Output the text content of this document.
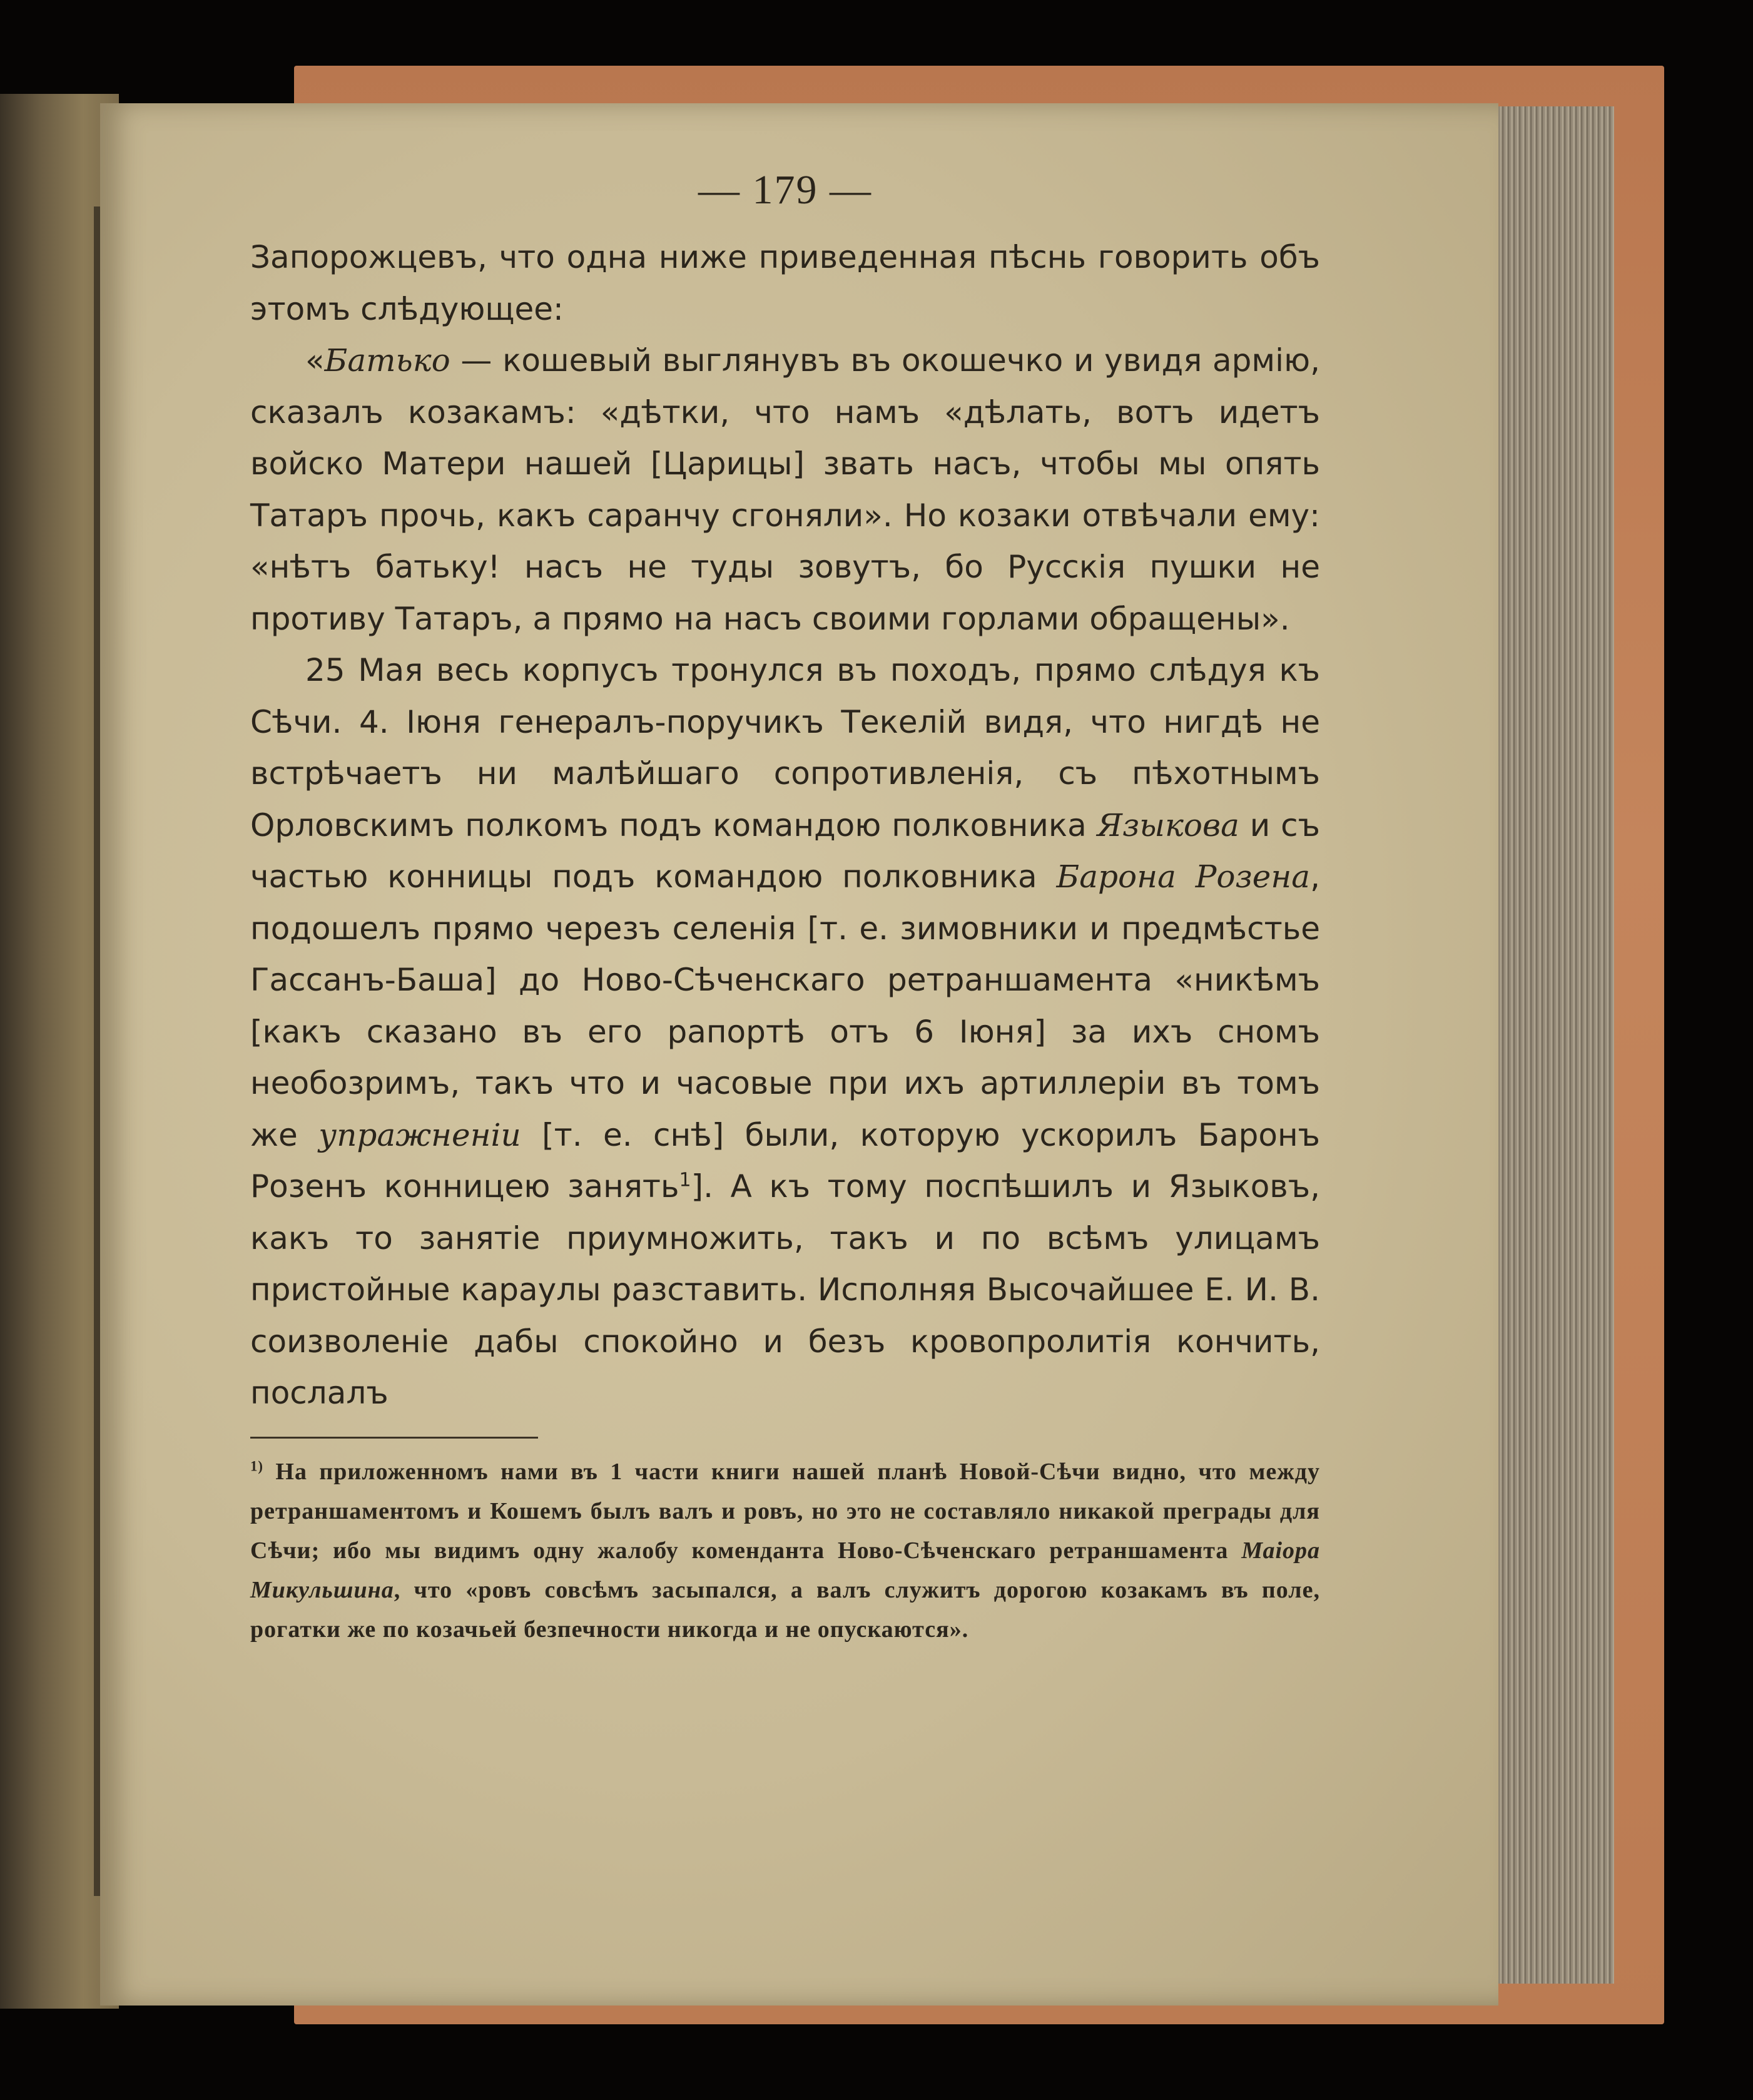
— 179 —

Запорожцевъ, что одна ниже приведенная пѣснь говорить объ этомъ слѣдующее:

«Батько — кошевый выглянувъ въ окошечко и увидя армію, сказалъ козакамъ: «дѣтки, что намъ «дѣлать, вотъ идетъ войско Матери нашей [Царицы] звать насъ, чтобы мы опять Татаръ прочь, какъ саранчу сгоняли». Но козаки отвѣчали ему: «нѣтъ батьку! насъ не туды зовутъ, бо Русскія пушки не противу Татаръ, а прямо на насъ своими горлами обращены».

25 Мая весь корпусъ тронулся въ походъ, прямо слѣдуя къ Сѣчи. 4. Іюня генералъ-поручикъ Текелій видя, что нигдѣ не встрѣчаетъ ни малѣйшаго сопротивленія, съ пѣхотнымъ Орловскимъ полкомъ подъ командою полковника Языкова и съ частью конницы подъ командою полковника Барона Розена, подошелъ прямо черезъ селенія [т. е. зимовники и предмѣстье Гассанъ-Баша] до Ново-Сѣченскаго ретраншамента «никѣмъ [какъ сказано въ его рапортѣ отъ 6 Іюня] за ихъ сномъ необозримъ, такъ что и часовые при ихъ артиллеріи въ томъ же упражненіи [т. е. снѣ] были, которую ускорилъ Баронъ Розенъ конницею занять$^1$]. А къ тому поспѣшилъ и Языковъ, какъ то занятіе приумножить, такъ и по всѣмъ улицамъ пристойные караулы разставить. Исполняя Высочайшее Е. И. В. соизволеніе дабы спокойно и безъ кровопролитія кончить, послалъ

$^{1)}$ На приложенномъ нами въ 1 части книги нашей планѣ Новой-Сѣчи видно, что между ретраншаментомъ и Кошемъ былъ валъ и ровъ, но это не составляло никакой преграды для Сѣчи; ибо мы видимъ одну жалобу коменданта Ново-Сѣченскаго ретраншамента Маіора Микульшина, что «ровъ совсѣмъ засыпался, а валъ служитъ дорогою козакамъ въ поле, рогатки же по козачьей безпечности никогда и не опускаются».
